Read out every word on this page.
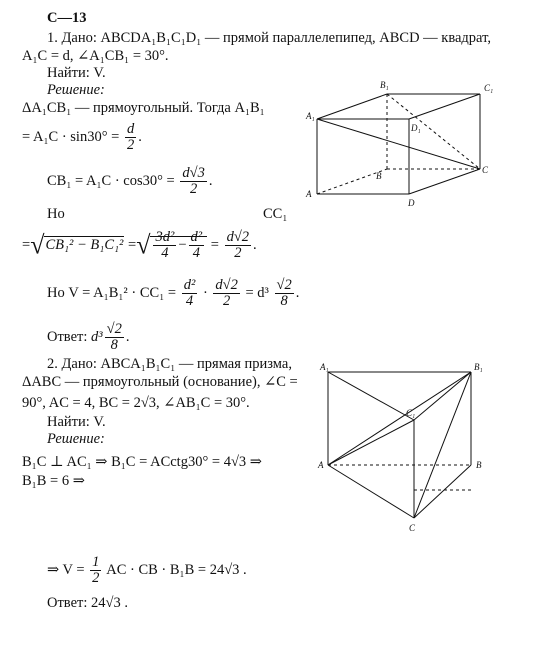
C—13
1. Дано: ABCDA₁B₁C₁D₁ — прямой параллелепипед, ABCD — квадрат,
A₁C = d, ∠A₁CB₁ = 30°.
Найти: V.
Решение:
ΔA₁CB₁ — прямоугольный. Тогда A₁B₁
= $A_1C \cdot \sin 30^\circ = \frac{d}{2}$ .
$CB_1 = A_1C \cdot \cos 30^\circ = \frac{d√3}{2}$ .
Но	CC₁
=√CB₁² − B₁C₁² =√ $\frac{\text{3d²}}{4} - \frac{\text{d²}}{4} = \frac{d√2}{2}$ .
Но $V = A_1B_1^2 \cdot CC_1 = \frac{\text{d²}}{4} \cdot \frac{d√2}{2} = d^3 \frac{√2}{8}$ .
Ответ: $d^3 \frac{√2}{8}$ .
B₁	C₁
A₁
D₁
B
C
A
D
2. Дано: ABCA₁B₁C₁ — прямая призма,
ΔABC — прямоугольный (основание), ∠C =
90°, AC = 4, BC = 2√3, ∠AB₁C = 30°.
Найти: V.
Решение:
B₁C ⊥ AC₁ ⇒ B₁C = ACctg30° = 4√3 ⇒
B₁B = 6 ⇒
⇒ $V = \frac{1}{2}$ AC · CB · B₁B = 24√3 .
Ответ: 24√3 .
A₁	B₁
C₁
A	B
C
